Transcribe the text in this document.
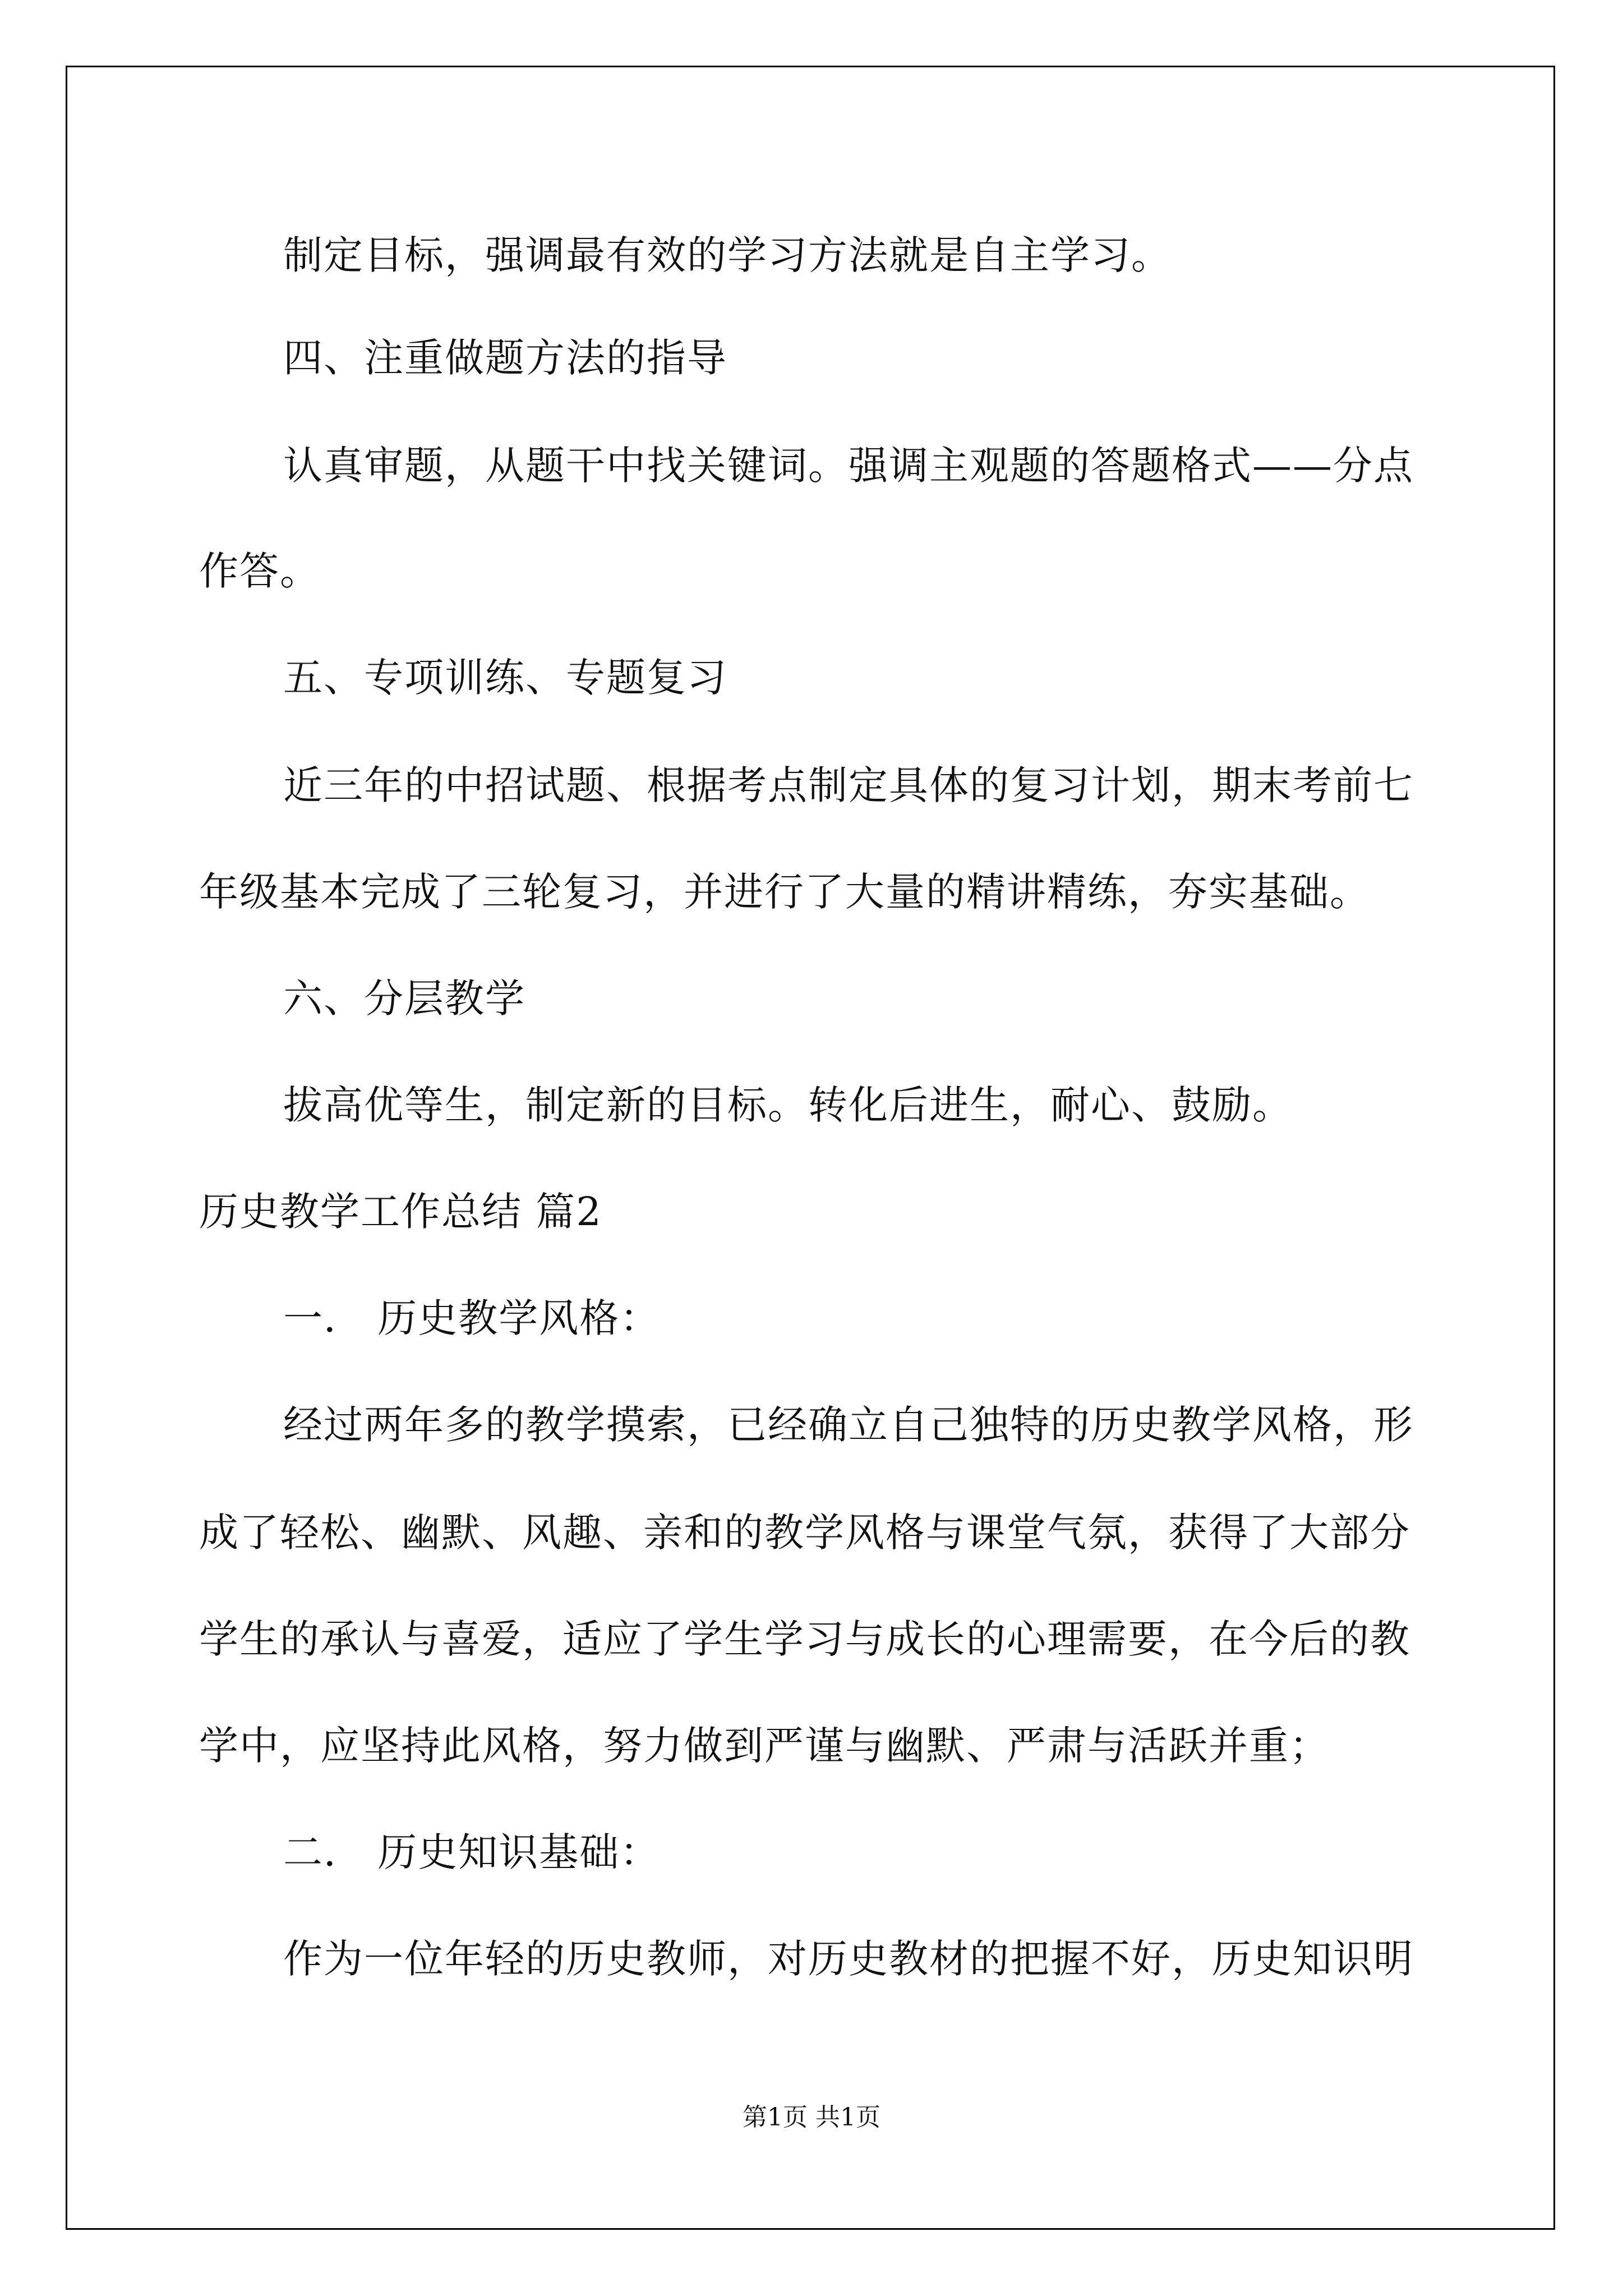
制定目标，强调最有效的学习方法就是自主学习。
四、注重做题方法的指导
认真审题，从题干中找关键词。强调主观题的答题格式——分点
作答。
五、专项训练、专题复习
近三年的中招试题、根据考点制定具体的复习计划，期末考前七
年级基本完成了三轮复习，并进行了大量的精讲精练，夯实基础。
六、分层教学
拔高优等生，制定新的目标。转化后进生，耐心、鼓励。
历史教学工作总结 篇2
一． 历史教学风格：
经过两年多的教学摸索，已经确立自己独特的历史教学风格，形
成了轻松、幽默、风趣、亲和的教学风格与课堂气氛，获得了大部分
学生的承认与喜爱，适应了学生学习与成长的心理需要，在今后的教
学中，应坚持此风格，努力做到严谨与幽默、严肃与活跃并重；
二． 历史知识基础：
作为一位年轻的历史教师，对历史教材的把握不好，历史知识明
第1页 共1页
